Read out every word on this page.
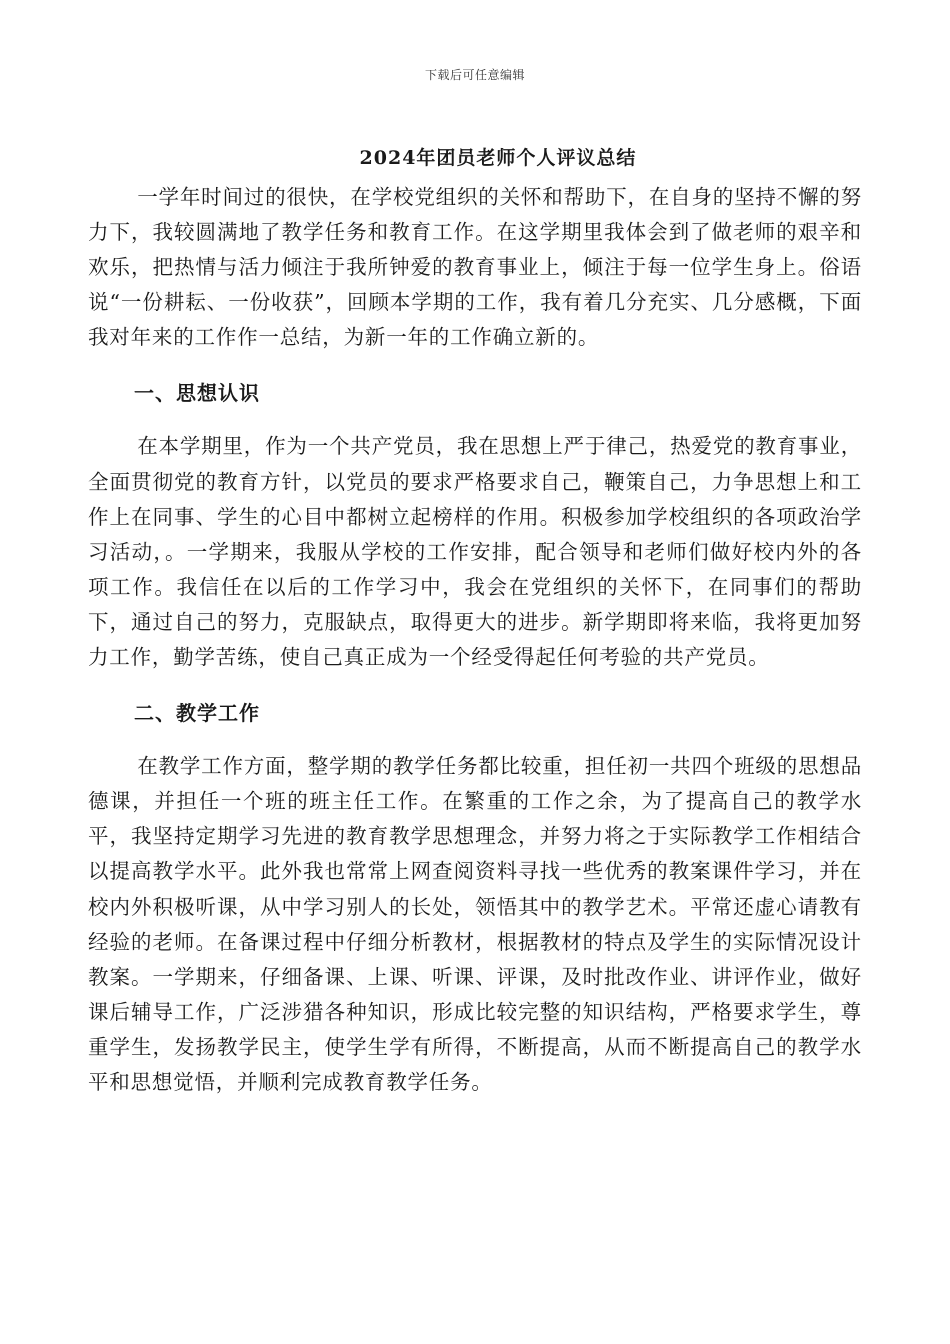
下载后可任意编辑
2024年团员老师个人评议总结

一学年时间过的很快，在学校党组织的关怀和帮助下，在自身的坚持不懈的努力下，我较圆满地了教学任务和教育工作。在这学期里我体会到了做老师的艰辛和欢乐，把热情与活力倾注于我所钟爱的教育事业上，倾注于每一位学生身上。俗语说“一份耕耘、一份收获”，回顾本学期的工作，我有着几分充实、几分感概，下面我对年来的工作作一总结，为新一年的工作确立新的。

一、思想认识

在本学期里，作为一个共产党员，我在思想上严于律己，热爱党的教育事业，全面贯彻党的教育方针，以党员的要求严格要求自己，鞭策自己，力争思想上和工作上在同事、学生的心目中都树立起榜样的作用。积极参加学校组织的各项政治学习活动，。一学期来，我服从学校的工作安排，配合领导和老师们做好校内外的各项工作。我信任在以后的工作学习中，我会在党组织的关怀下，在同事们的帮助下，通过自己的努力，克服缺点，取得更大的进步。新学期即将来临，我将更加努力工作，勤学苦练，使自己真正成为一个经受得起任何考验的共产党员。

二、教学工作

在教学工作方面，整学期的教学任务都比较重，担任初一共四个班级的思想品德课，并担任一个班的班主任工作。在繁重的工作之余，为了提高自己的教学水平，我坚持定期学习先进的教育教学思想理念，并努力将之于实际教学工作相结合以提高教学水平。此外我也常常上网查阅资料寻找一些优秀的教案课件学习，并在校内外积极听课，从中学习别人的长处，领悟其中的教学艺术。平常还虚心请教有经验的老师。在备课过程中仔细分析教材，根据教材的特点及学生的实际情况设计教案。一学期来，仔细备课、上课、听课、评课，及时批改作业、讲评作业，做好课后辅导工作，广泛涉猎各种知识，形成比较完整的知识结构，严格要求学生，尊重学生，发扬教学民主，使学生学有所得，不断提高，从而不断提高自己的教学水平和思想觉悟，并顺利完成教育教学任务。
